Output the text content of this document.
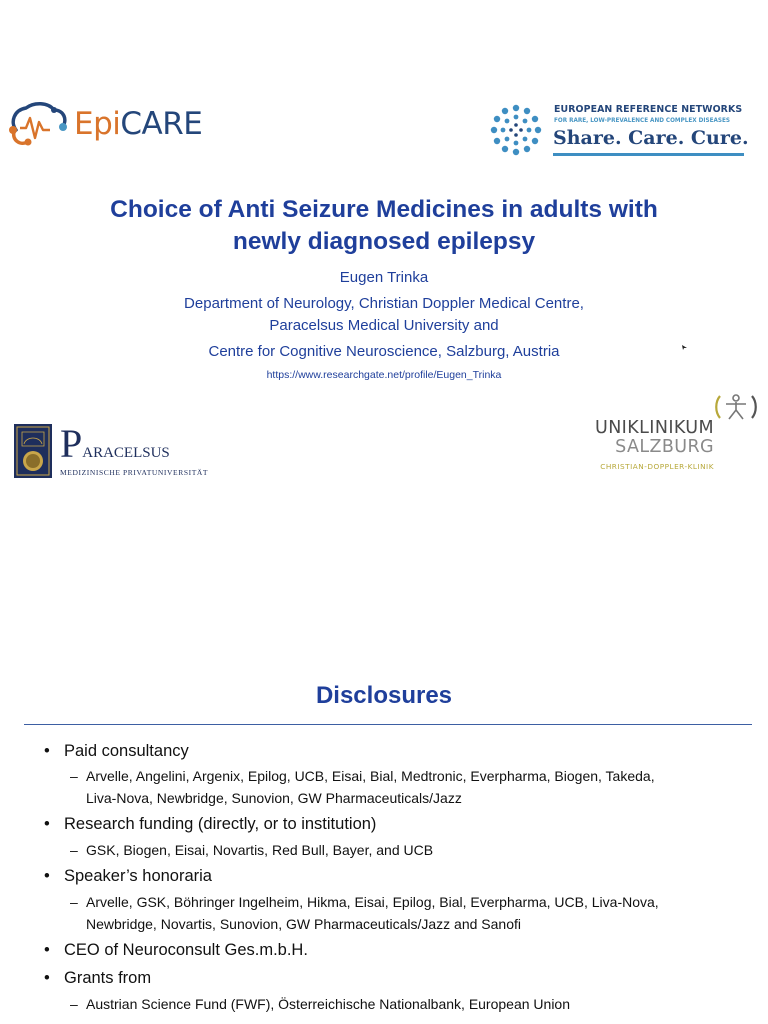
EpiCARE	EUROPEAN REFERENCE NETWORKS
FOR RARE, LOW-PREVALENCE AND COMPLEX DISEASES
Share. Care. Cure.
Choice of Anti Seizure Medicines in adults with
newly diagnosed epilepsy
Eugen Trinka
Department of Neurology, Christian Doppler Medical Centre,
Paracelsus Medical University and
Centre for Cognitive Neuroscience, Salzburg, Austria
https://www.researchgate.net/profile/Eugen_Trinka
PARACELSUS
MEDIZINISCHE PRIVATUNIVERSITÄT
UNIKLINIKUM
SALZBURG
CHRISTIAN-DOPPLER-KLINIK
Disclosures
• Paid consultancy
– Arvelle, Angelini, Argenix, Epilog, UCB, Eisai, Bial, Medtronic, Everpharma, Biogen, Takeda,
Liva-Nova, Newbridge, Sunovion, GW Pharmaceuticals/Jazz
• Research funding (directly, or to institution)
– GSK, Biogen, Eisai, Novartis, Red Bull, Bayer, and UCB
• Speaker’s honoraria
– Arvelle, GSK, Böhringer Ingelheim, Hikma, Eisai, Epilog, Bial, Everpharma, UCB, Liva-Nova,
Newbridge, Novartis, Sunovion, GW Pharmaceuticals/Jazz and Sanofi
• CEO of Neuroconsult Ges.m.b.H.
• Grants from
– Austrian Science Fund (FWF), Österreichische Nationalbank, European Union
